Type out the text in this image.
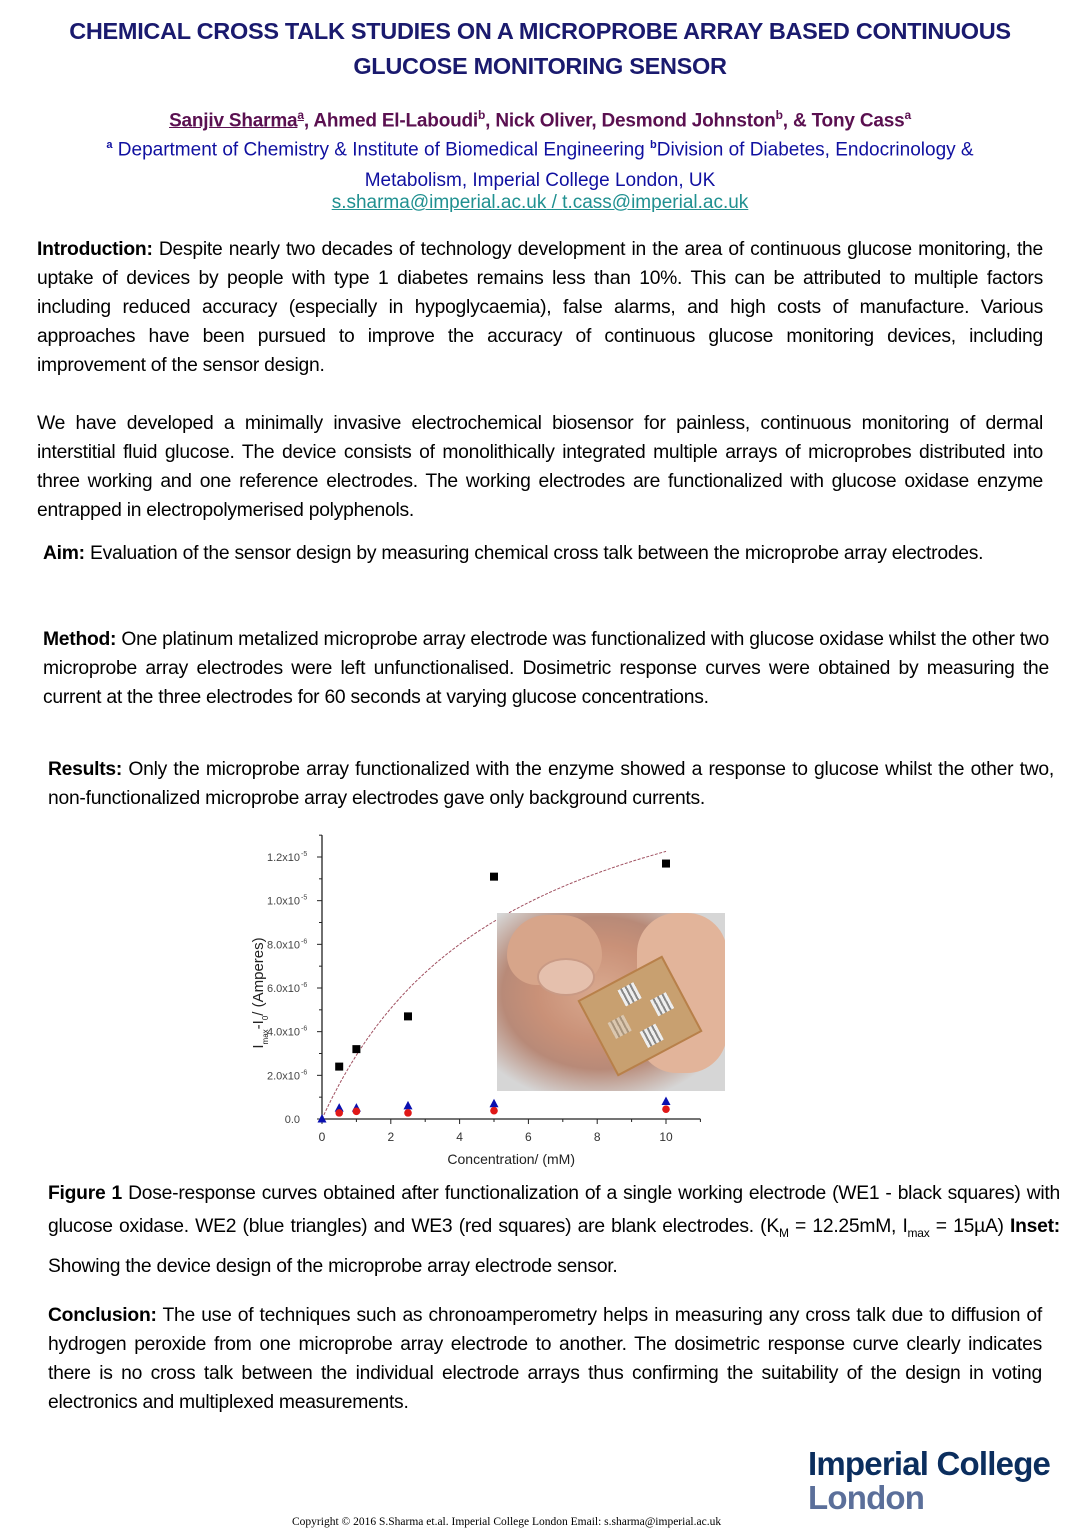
CHEMICAL CROSS TALK STUDIES ON A MICROPROBE ARRAY BASED CONTINUOUS
GLUCOSE MONITORING SENSOR
Sanjiv Sharma$^a$, Ahmed El-Laboudi$^b$, Nick Oliver, Desmond Johnston$^b$, & Tony Cass$^a$
$^a$ Department of Chemistry & Institute of Biomedical Engineering $^b$Division of Diabetes, Endocrinology &
Metabolism, Imperial College London, UK
s.sharma@imperial.ac.uk / t.cass@imperial.ac.uk
Introduction: Despite nearly two decades of technology development in the area of continuous glucose monitoring, the uptake of devices by people with type 1 diabetes remains less than 10%. This can be attributed to multiple factors including reduced accuracy (especially in hypoglycaemia), false alarms, and high costs of manufacture. Various approaches have been pursued to improve the accuracy of continuous glucose monitoring devices, including improvement of the sensor design.
We have developed a minimally invasive electrochemical biosensor for painless, continuous monitoring of dermal interstitial fluid glucose. The device consists of monolithically integrated multiple arrays of microprobes distributed into three working and one reference electrodes. The working electrodes are functionalized with glucose oxidase enzyme entrapped in electropolymerised polyphenols.
Aim: Evaluation of the sensor design by measuring chemical cross talk between the microprobe array electrodes.
Method: One platinum metalized microprobe array electrode was functionalized with glucose oxidase whilst the other two microprobe array electrodes were left unfunctionalised. Dosimetric response curves were obtained by measuring the current at the three electrodes for 60 seconds at varying glucose concentrations.
Results: Only the microprobe array functionalized with the enzyme showed a response to glucose whilst the other two, non-functionalized microprobe array electrodes gave only background currents.
0	2	4	6	8	10
0.0
2.0x10 -6
4.0x10 -6
6.0x10 -6
8.0x10 -6
1.0x10 -5
1.2x10 -5
Concentration/ (mM)
$I_{max}-I_0/$ (Amperes)
Figure 1 Dose-response curves obtained after functionalization of a single working electrode (WE1 - black squares) with glucose oxidase. WE2 (blue triangles) and WE3 (red squares) are blank electrodes. ($K_M = 12.25mM$, $I_{max} = 15\mu A$) Inset: Showing the device design of the microprobe array electrode sensor.
Conclusion: The use of techniques such as chronoamperometry helps in measuring any cross talk due to diffusion of hydrogen peroxide from one microprobe array electrode to another. The dosimetric response curve clearly indicates there is no cross talk between the individual electrode arrays thus confirming the suitability of the design in voting electronics and multiplexed measurements.
Copyright © 2016 S.Sharma et.al. Imperial College London Email: s.sharma@imperial.ac.uk
Imperial College
London
